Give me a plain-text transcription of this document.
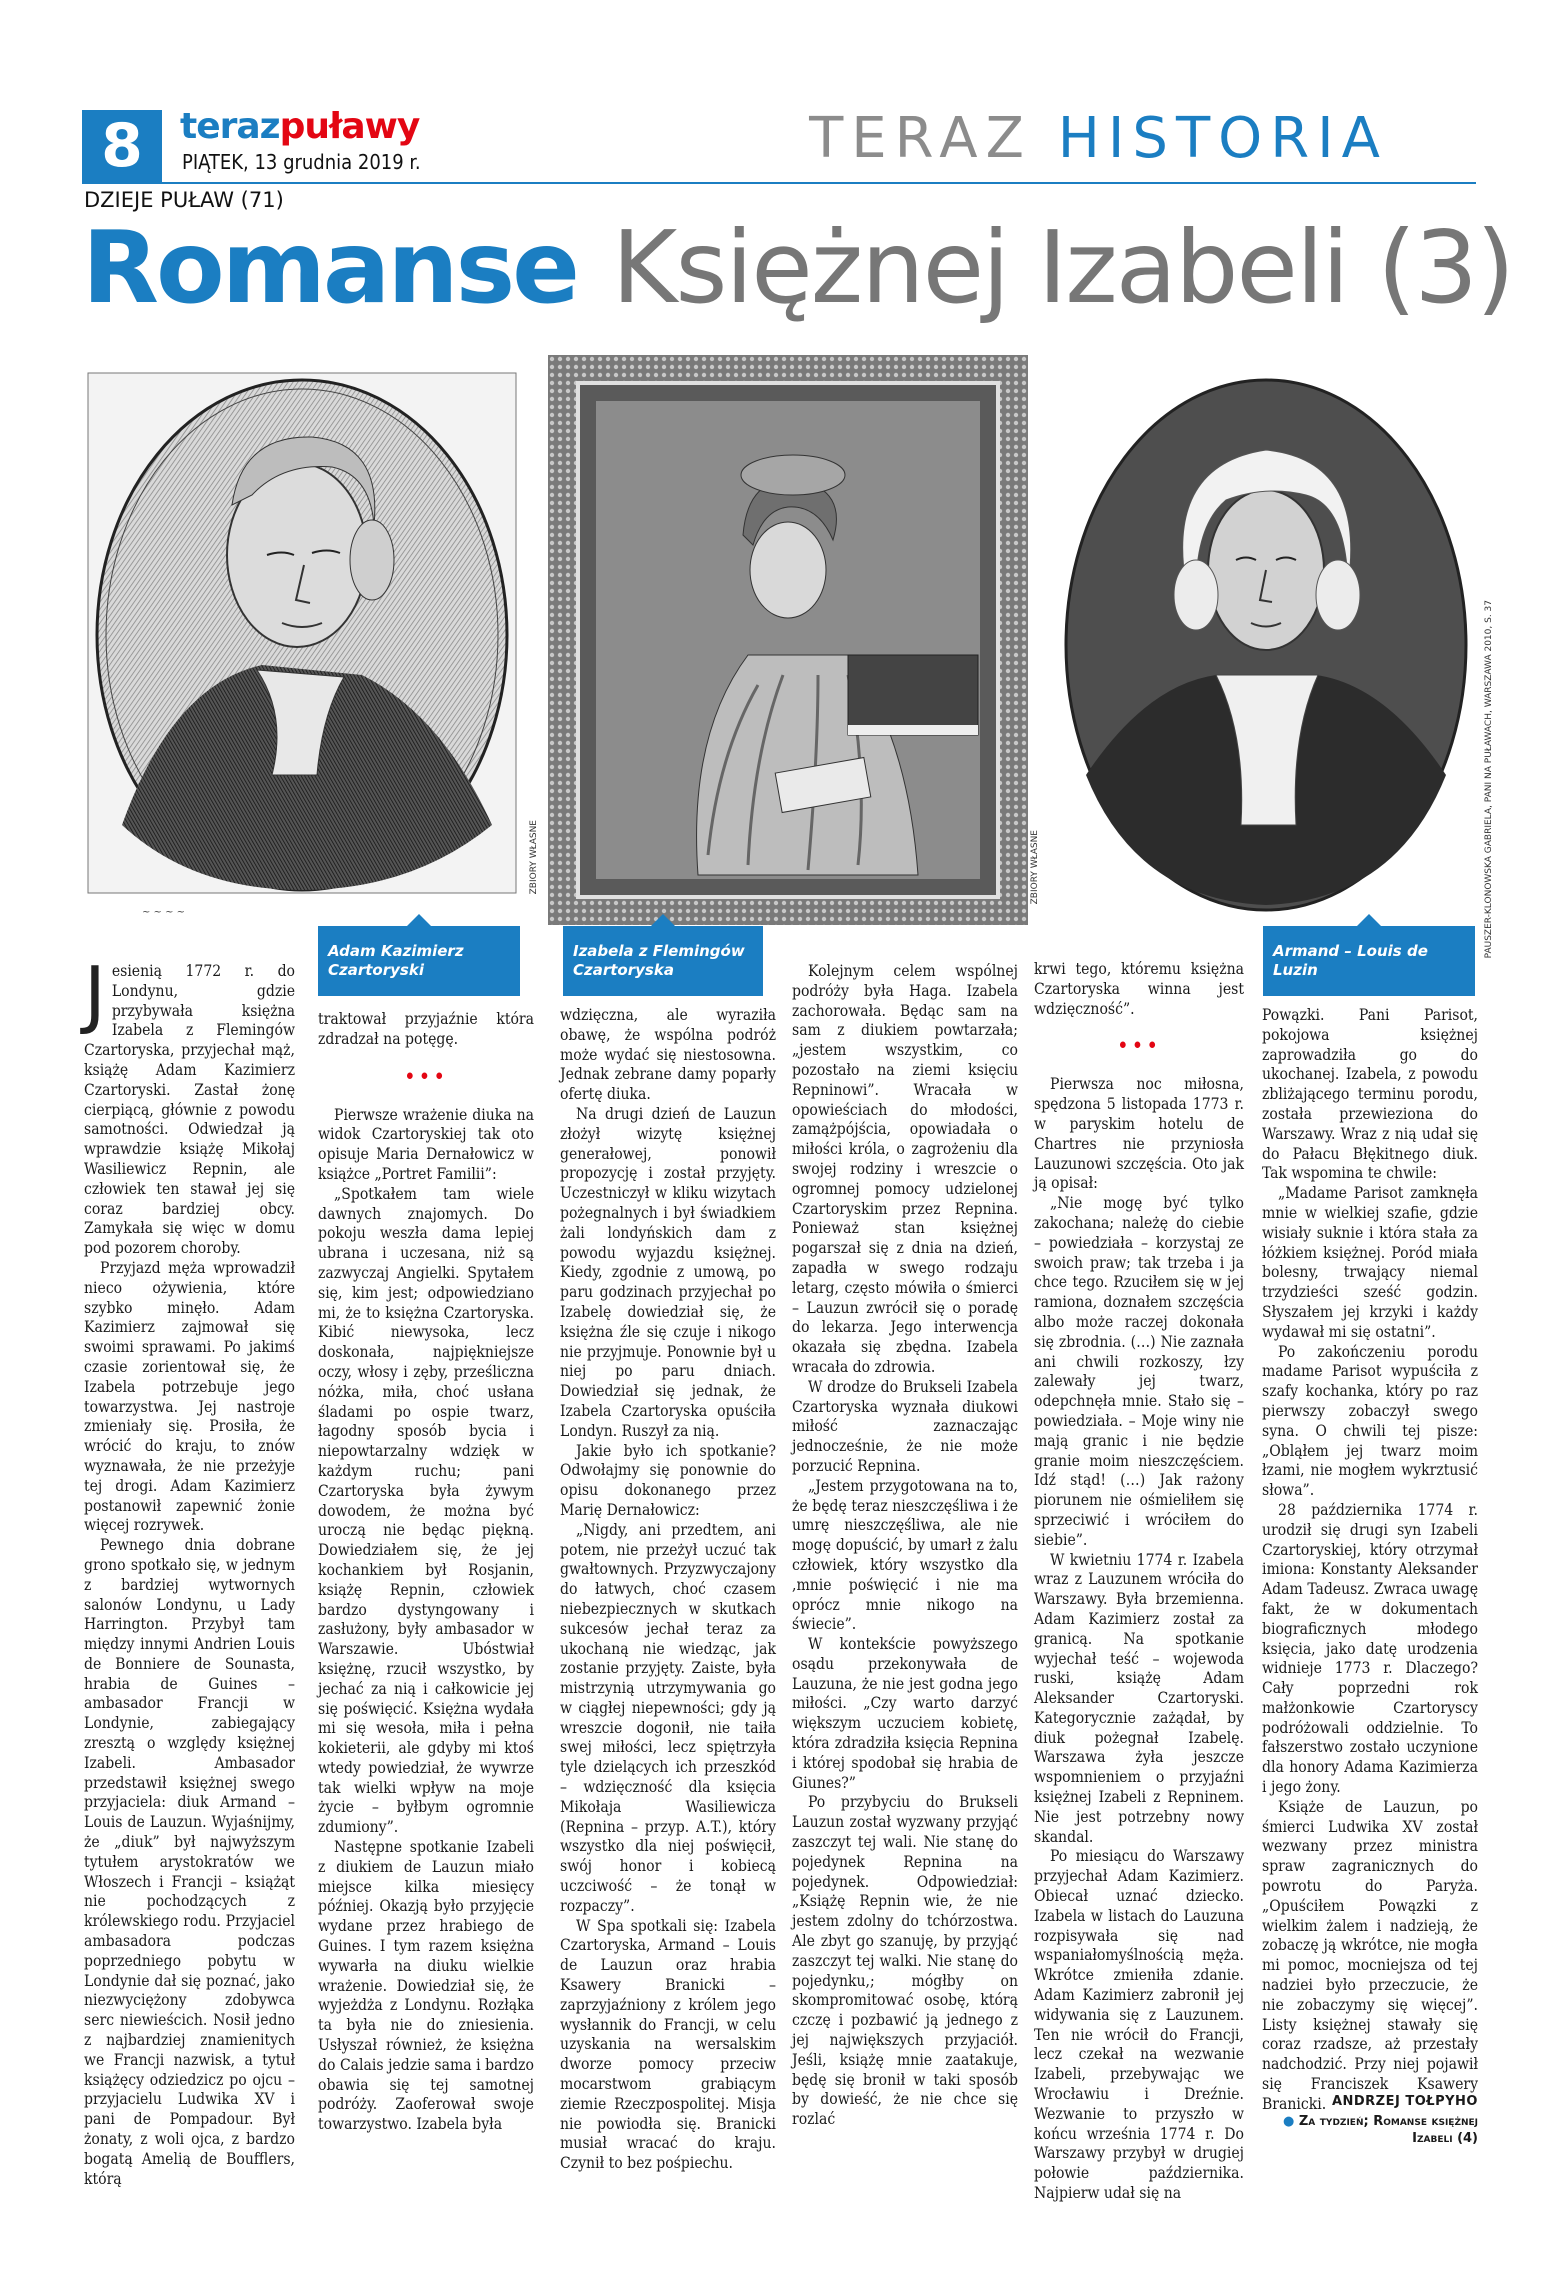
8	terazpuławy
PIĄTEK, 13 grudnia 2019 r.	TERAZ HISTORIA
DZIEJE PUŁAW (71)
Romanse Księżnej Izabeli (3)
~ ~ ~ ~
ZBIORY WŁASNE	ZBIORY WŁASNE	PAUSZER-KLONOWSKA GABRIELA, PANI NA PUŁAWACH, WARSZAWA 2010, S. 37
Adam Kazimierz Czartoryski
Izabela z Flemingów Czartoryska
Armand – Louis de Luzin

Jesienią 1772 r. do Londynu, gdzie przybywała księżna Izabela z Flemingów Czartoryska, przyjechał mąż, książę Adam Kazimierz Czartoryski. Zastał żonę cierpiącą, głównie z powodu samotności. Odwiedzał ją wprawdzie książę Mikołaj Wasiliewicz Repnin, ale człowiek ten stawał jej się coraz bardziej obcy. Zamykała się więc w domu pod pozorem choroby.

Przyjazd męża wprowadził nieco ożywienia, które szybko minęło. Adam Kazimierz zajmował się swoimi sprawami. Po jakimś czasie zorientował się, że Izabela potrzebuje jego towarzystwa. Jej nastroje zmieniały się. Prosiła, że wrócić do kraju, to znów wyznawała, że nie przeżyje tej drogi. Adam Kazimierz postanowił zapewnić żonie więcej rozrywek.

Pewnego dnia dobrane grono spotkało się, w jednym z bardziej wytwornych salonów Londynu, u Lady Harrington. Przybył tam między innymi Andrien Louis de Bonniere de Sounasta, hrabia de Guines – ambasador Francji w Londynie, zabiegający zresztą o względy księżnej Izabeli. Ambasador przedstawił księżnej swego przyjaciela: diuk Armand – Louis de Lauzun. Wyjaśnijmy, że „diuk” był najwyższym tytułem arystokratów we Włoszech i Francji – książąt nie pochodzących z królewskiego rodu. Przyjaciel ambasadora podczas poprzedniego pobytu w Londynie dał się poznać, jako niezwyciężony zdobywca serc niewieścich. Nosił jedno z najbardziej znamienitych we Francji nazwisk, a tytuł książęcy odziedzicz po ojcu – przyjacielu Ludwika XV i pani de Pompadour. Był żonaty, z woli ojca, z bardzo bogatą Amelią de Boufflers, którą

traktował przyjaźnie która zdradzał na potęgę.

•••

Pierwsze wrażenie diuka na widok Czartoryskiej tak oto opisuje Maria Dernałowicz w książce „Portret Familii”:

„Spotkałem tam wiele dawnych znajomych. Do pokoju weszła dama lepiej ubrana i uczesana, niż są zazwyczaj Angielki. Spytałem się, kim jest; odpowiedziano mi, że to księżna Czartoryska. Kibić niewysoka, lecz doskonała, najpiękniejsze oczy, włosy i zęby, prześliczna nóżka, miła, choć usłana śladami po ospie twarz, łagodny sposób bycia i niepowtarzalny wdzięk w każdym ruchu; pani Czartoryska była żywym dowodem, że można być uroczą nie będąc piękną. Dowiedziałem się, że jej kochankiem był Rosjanin, książę Repnin, człowiek bardzo dystyngowany i zasłużony, były ambasador w Warszawie. Ubóstwiał księżnę, rzucił wszystko, by jechać za nią i całkowicie jej się poświęcić. Księżna wydała mi się wesoła, miła i pełna kokieterii, ale gdyby mi ktoś wtedy powiedział, że wywrze tak wielki wpływ na moje życie – byłbym ogromnie zdumiony”.

Następne spotkanie Izabeli z diukiem de Lauzun miało miejsce kilka miesięcy później. Okazją było przyjęcie wydane przez hrabiego de Guines. I tym razem księżna wywarła na diuku wielkie wrażenie. Dowiedział się, że wyjeżdża z Londynu. Rozłąka ta była nie do zniesienia. Usłyszał również, że księżna do Calais jedzie sama i bardzo obawia się tej samotnej podróży. Zaoferował swoje towarzystwo. Izabela była

wdzięczna, ale wyraziła obawę, że wspólna podróż może wydać się niestosowna. Jednak zebrane damy poparły ofertę diuka.

Na drugi dzień de Lauzun złożył wizytę księżnej generałowej, ponowił propozycję i został przyjęty. Uczestniczył w kliku wizytach pożegnalnych i był świadkiem żali londyńskich dam z powodu wyjazdu księżnej. Kiedy, zgodnie z umową, po paru godzinach przyjechał po Izabelę dowiedział się, że księżna źle się czuje i nikogo nie przyjmuje. Ponownie był u niej po paru dniach. Dowiedział się jednak, że Izabela Czartoryska opuściła Londyn. Ruszył za nią.

Jakie było ich spotkanie? Odwołajmy się ponownie do opisu dokonanego przez Marię Dernałowicz:

„Nigdy, ani przedtem, ani potem, nie przeżył uczuć tak gwałtownych. Przyzwyczajony do łatwych, choć czasem niebezpiecznych w skutkach sukcesów jechał teraz za ukochaną nie wiedząc, jak zostanie przyjęty. Zaiste, była mistrzynią utrzymywania go w ciągłej niepewności; gdy ją wreszcie dogonił, nie taiła swej miłości, lecz spiętrzyła tyle dzielących ich przeszkód – wdzięczność dla księcia Mikołaja Wasiliewicza (Repnina – przyp. A.T.), który wszystko dla niej poświęcił, swój honor i kobiecą uczciwość – że tonął w rozpaczy”.

W Spa spotkali się: Izabela Czartoryska, Armand – Louis de Lauzun oraz hrabia Ksawery Branicki – zaprzyjaźniony z królem jego wysłannik do Francji, w celu uzyskania na wersalskim dworze pomocy przeciw mocarstwom grabiącym ziemie Rzeczpospolitej. Misja nie powiodła się. Branicki musiał wracać do kraju. Czynił to bez pośpiechu.

Kolejnym celem wspólnej podróży była Haga. Izabela zachorowała. Będąc sam na sam z diukiem powtarzała; „jestem wszystkim, co pozostało na ziemi księciu Repninowi”. Wracała w opowieściach do młodości, zamążpójścia, opowiadała o miłości króla, o zagrożeniu dla swojej rodziny i wreszcie o ogromnej pomocy udzielonej Czartoryskim przez Repnina. Ponieważ stan księżnej pogarszał się z dnia na dzień, zapadła w swego rodzaju letarg, często mówiła o śmierci – Lauzun zwrócił się o poradę do lekarza. Jego interwencja okazała się zbędna. Izabela wracała do zdrowia.

W drodze do Brukseli Izabela Czartoryska wyznała diukowi miłość zaznaczając jednocześnie, że nie może porzucić Repnina.

„Jestem przygotowana na to, że będę teraz nieszczęśliwa i że umrę nieszczęśliwa, ale nie mogę dopuścić, by umarł z żalu człowiek, który wszystko dla ,mnie poświęcić i nie ma oprócz mnie nikogo na świecie”.

W kontekście powyższego osądu przekonywała de Lauzuna, że nie jest godna jego miłości. „Czy warto darzyć większym uczuciem kobietę, która zdradziła księcia Repnina i której spodobał się hrabia de Giunes?”

Po przybyciu do Brukseli Lauzun został wyzwany przyjąć zaszczyt tej wali. Nie stanę do pojedynek Repnina na pojedynek. Odpowiedział: „Książę Repnin wie, że nie jestem zdolny do tchórzostwa. Ale zbyt go szanuję, by przyjąć zaszczyt tej walki. Nie stanę do pojedynku,; mógłby on skompromitować osobę, którą czczę i pozbawić ją jednego z jej największych przyjaciół. Jeśli, książę mnie zaatakuje, będę się bronił w taki sposób by dowieść, że nie chce się rozlać

krwi tego, któremu księżna Czartoryska winna jest wdzięczność”.

•••

Pierwsza noc miłosna, spędzona 5 listopada 1773 r. w paryskim hotelu de Chartres nie przyniosła Lauzunowi szczęścia. Oto jak ją opisał:

„Nie mogę być tylko zakochana; należę do ciebie – powiedziała – korzystaj ze swoich praw; tak trzeba i ja chce tego. Rzuciłem się w jej ramiona, doznałem szczęścia albo może raczej dokonała się zbrodnia. (…) Nie zaznała ani chwili rozkoszy, łzy zalewały jej twarz, odepchnęła mnie. Stało się – powiedziała. – Moje winy nie mają granic i nie będzie granie moim nieszczęściem. Idź stąd! (…) Jak rażony piorunem nie ośmieliłem się sprzeciwić i wróciłem do siebie”.

W kwietniu 1774 r. Izabela wraz z Lauzunem wróciła do Warszawy. Była brzemienna. Adam Kazimierz został za granicą. Na spotkanie wyjechał teść – wojewoda ruski, książę Adam Aleksander Czartoryski. Kategorycznie zażądał, by diuk pożegnał Izabelę. Warszawa żyła jeszcze wspomnieniem o przyjaźni księżnej Izabeli z Repninem. Nie jest potrzebny nowy skandal.

Po miesiącu do Warszawy przyjechał Adam Kazimierz. Obiecał uznać dziecko. Izabela w listach do Lauzuna rozpisywała się nad wspaniałomyślnością męża. Wkrótce zmieniła zdanie. Adam Kazimierz zabronił jej widywania się z Lauzunem. Ten nie wrócił do Francji, lecz czekał na wezwanie Izabeli, przebywając we Wrocławiu i Dreźnie. Wezwanie to przyszło w końcu września 1774 r. Do Warszawy przybył w drugiej połowie października. Najpierw udał się na

Powązki. Pani Parisot, pokojowa księżnej zaprowadziła go do ukochanej. Izabela, z powodu zbliżającego terminu porodu, została przewieziona do Warszawy. Wraz z nią udał się do Pałacu Błękitnego diuk. Tak wspomina te chwile:

„Madame Parisot zamknęła mnie w wielkiej szafie, gdzie wisiały suknie i która stała za łóżkiem księżnej. Poród miała bolesny, trwający niemal trzydzieści sześć godzin. Słyszałem jej krzyki i każdy wydawał mi się ostatni”.

Po zakończeniu porodu madame Parisot wypuściła z szafy kochanka, który po raz pierwszy zobaczył swego syna. O chwili tej pisze: „Obląłem jej twarz moim łzami, nie mogłem wykrztusić słowa”.

28 października 1774 r. urodził się drugi syn Izabeli Czartoryskiej, który otrzymał imiona: Konstanty Aleksander Adam Tadeusz. Zwraca uwagę fakt, że w dokumentach biograficznych młodego księcia, jako datę urodzenia widnieje 1773 r. Dlaczego? Cały poprzedni rok małżonkowie Czartoryscy podróżowali oddzielnie. To fałszerstwo zostało uczynione dla honory Adama Kazimierza i jego żony.

Książe de Lauzun, po śmierci Ludwika XV został wezwany przez ministra spraw zagranicznych do powrotu do Paryża. „Opuściłem Powązki z wielkim żalem i nadzieją, że zobaczę ją wkrótce, nie mogła mi pomoc, mocniejsza od tej nadziei było przeczucie, że nie zobaczymy się więcej”. Listy księżnej stawały się coraz rzadsze, aż przestały nadchodzić. Przy niej pojawił się Franciszek Ksawery Branicki. ANDRZEJ TOŁPYHO
● Za tydzień; Romanse księżnej Izabeli (4)
